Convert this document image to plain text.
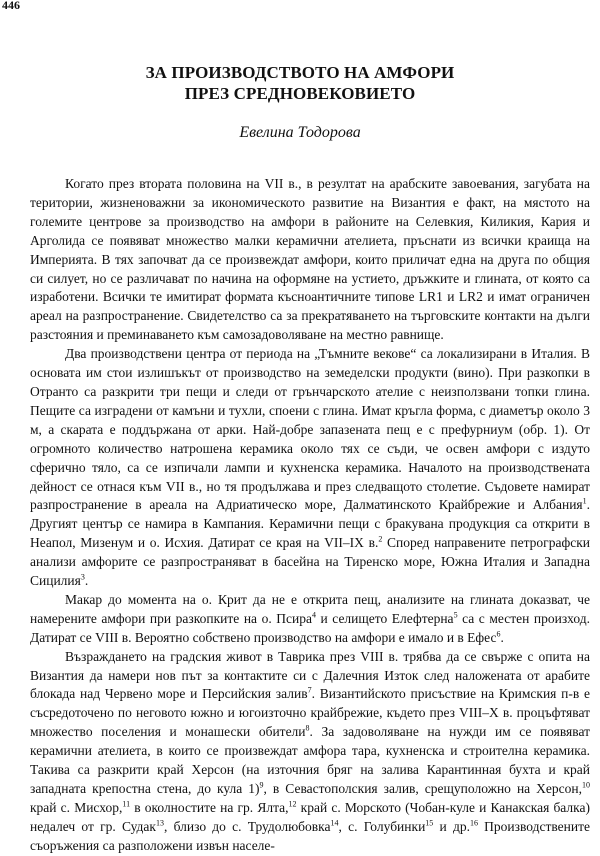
446
ЗА ПРОИЗВОДСТВОТО НА АМФОРИ
ПРЕЗ СРЕДНОВЕКОВИЕТО
Евелина Тодорова

Когато през втората половина на VII в., в резултат на арабските завоевания, загубата на територии, жизненоважни за икономическото развитие на Византия е факт, на мястото на големите центрове за производство на амфори в районите на Селевкия, Киликия, Кария и Арголида се появяват множество малки керамични ателиета, пръснати из всички краища на Империята. В тях започват да се произвеждат амфори, които приличат една на друга по общия си силует, но се различават по начина на оформяне на устието, дръжките и глината, от която са изработени. Всички те имитират формата късноантичните типове LR1 и LR2 и имат ограничен ареал на разпространение. Свидетелство са за прекратяването на търговските контакти на дълги разстояния и преминаването към самозадоволяване на местно равнище.

Два производствени центра от периода на „Тъмните векове“ са локализирани в Италия. В основата им стои излишъкът от производство на земеделски продукти (вино). При разкопки в Отранто са разкрити три пещи и следи от грънчарското ателие с неизползвани топки глина. Пещите са изградени от камъни и тухли, споени с глина. Имат кръгла форма, с диаметър около 3 м, а скарата е поддържана от арки. Най-добре запазената пещ е с префурниум (обр. 1). От огромното количество натрошена керамика около тях се съди, че освен амфори с издуто сферично тяло, са се изпичали лампи и кухненска керамика. Началото на производствената дейност се отнася към VII в., но тя продължава и през следващото столетие. Съдовете намират разпространение в ареала на Адриатическо море, Далматинското Крайбрежие и Албания$^1$. Другият център се намира в Кампания. Керамични пещи с бракувана продукция са открити в Неапол, Мизенум и о. Исхия. Датират се края на VII–IX в.$^2$ Според направените петрографски анализи амфорите се разпространяват в басейна на Тиренско море, Южна Италия и Западна Сицилия$^3$.

Макар до момента на о. Крит да не е открита пещ, анализите на глината доказват, че намерените амфори при разкопките на о. Псира$^4$ и селището Елефтерна$^5$ са с местен произход. Датират се VIII в. Вероятно собствено производство на амфори е имало и в Ефес$^6$.

Възраждането на градския живот в Таврика през VIII в. трябва да се свърже с опита на Византия да намери нов път за контактите си с Далечния Изток след наложената от арабите блокада над Червено море и Персийския залив$^7$. Византийското присъствие на Кримския п-в е съсредоточено по неговото южно и югоизточно крайбрежие, където през VIII–X в. процъфтяват множество поселения и монашески обители$^8$. За задоволяване на нужди им се появяват керамични ателиета, в които се произвеждат амфора тара, кухненска и строителна керамика. Такива са разкрити край Херсон (на източния бряг на залива Карантинная бухта и край западната крепостна стена, до кула 1)$^9$, в Севастополския залив, срещуположно на Херсон,$^{10}$ край с. Мисхор,$^{11}$ в околностите на гр. Ялта,$^{12}$ край с. Морското (Чобан-куле и Канакская балка) недалеч от гр. Судак$^{13}$, близо до с. Трудолюбовка$^{14}$, с. Голубинки$^{15}$ и др.$^{16}$ Производствените съоръжения са разположени извън населе-
